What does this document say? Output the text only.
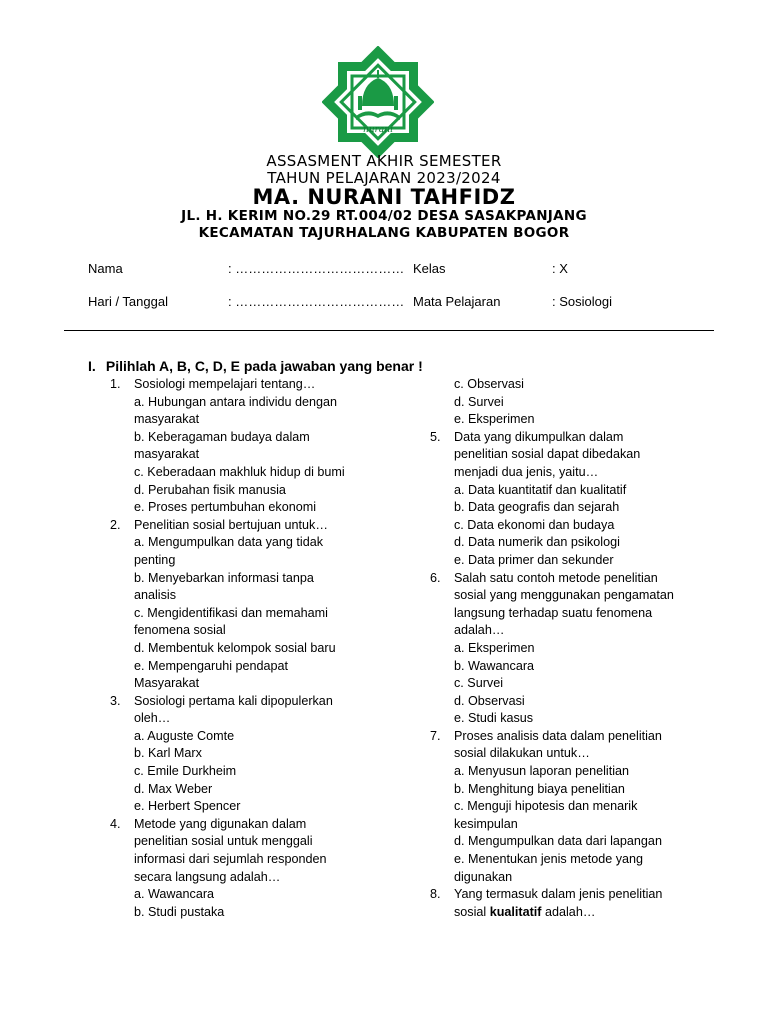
nurani
ASSASMENT AKHIR SEMESTER
TAHUN PELAJARAN 2023/2024
MA. NURANI TAHFIDZ
JL. H. KERIM NO.29 RT.004/02 DESA SASAKPANJANG
KECAMATAN TAJURHALANG KABUPATEN BOGOR
Nama	: ………………………………… Kelas	: X
Hari / Tanggal	: ………………………………… Mata Pelajaran	: Sosiologi
I. Pilihlah A, B, C, D, E pada jawaban yang benar !
1. Sosiologi mempelajari tentang…
a. Hubungan antara individu dengan
masyarakat
b. Keberagaman budaya dalam
masyarakat
c. Keberadaan makhluk hidup di bumi
d. Perubahan fisik manusia
e. Proses pertumbuhan ekonomi
2. Penelitian sosial bertujuan untuk…
a. Mengumpulkan data yang tidak
penting
b. Menyebarkan informasi tanpa
analisis
c. Mengidentifikasi dan memahami
fenomena sosial
d. Membentuk kelompok sosial baru
e. Mempengaruhi pendapat
Masyarakat
3. Sosiologi pertama kali dipopulerkan
oleh…
a. Auguste Comte
b. Karl Marx
c. Emile Durkheim
d. Max Weber
e. Herbert Spencer
4. Metode yang digunakan dalam
penelitian sosial untuk menggali
informasi dari sejumlah responden
secara langsung adalah…
a. Wawancara
b. Studi pustaka
c. Observasi
d. Survei
e. Eksperimen
5. Data yang dikumpulkan dalam
penelitian sosial dapat dibedakan
menjadi dua jenis, yaitu…
a. Data kuantitatif dan kualitatif
b. Data geografis dan sejarah
c. Data ekonomi dan budaya
d. Data numerik dan psikologi
e. Data primer dan sekunder
6. Salah satu contoh metode penelitian
sosial yang menggunakan pengamatan
langsung terhadap suatu fenomena
adalah…
a. Eksperimen
b. Wawancara
c. Survei
d. Observasi
e. Studi kasus
7. Proses analisis data dalam penelitian
sosial dilakukan untuk…
a. Menyusun laporan penelitian
b. Menghitung biaya penelitian
c. Menguji hipotesis dan menarik
kesimpulan
d. Mengumpulkan data dari lapangan
e. Menentukan jenis metode yang
digunakan
8. Yang termasuk dalam jenis penelitian
sosial kualitatif adalah…
